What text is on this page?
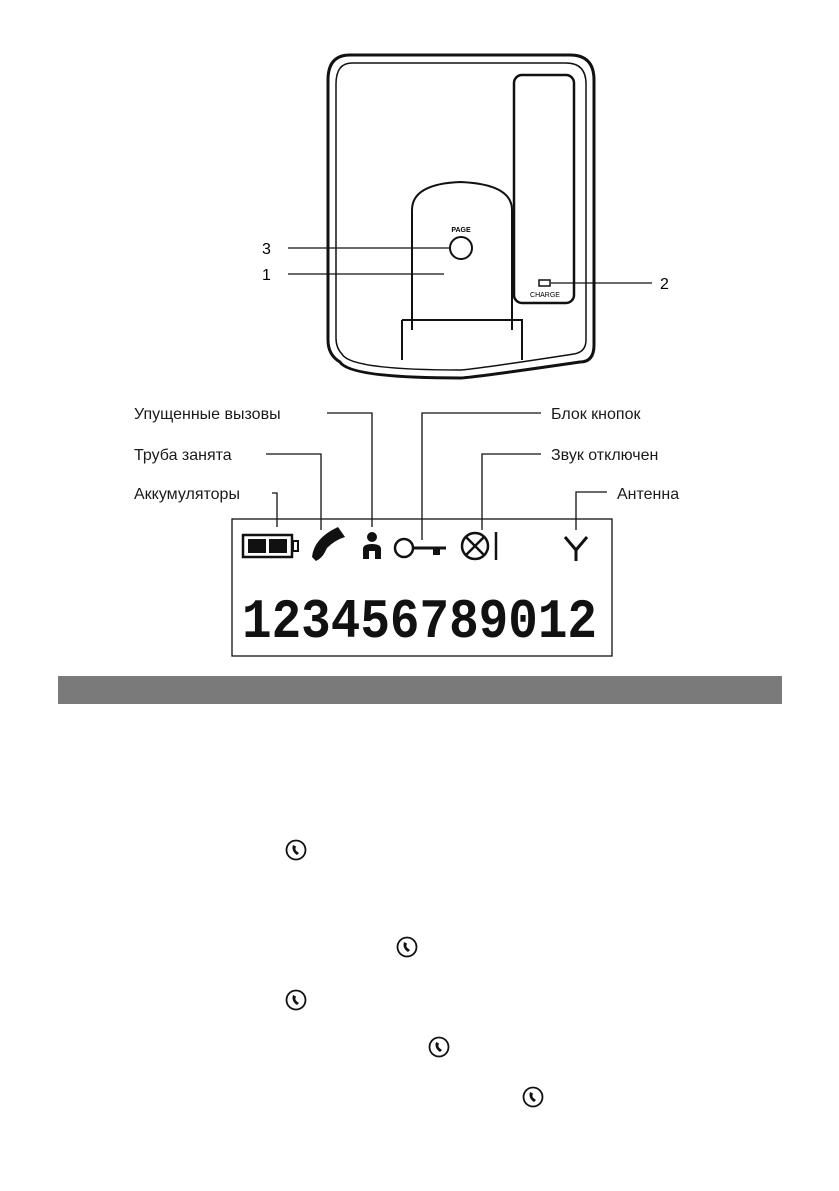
PAGE
CHARGE
3
1
2
Упущенные вызовы	Блок кнопок
Труба занята	Звук отключен
Аккумуляторы	Антенна
123456789012
